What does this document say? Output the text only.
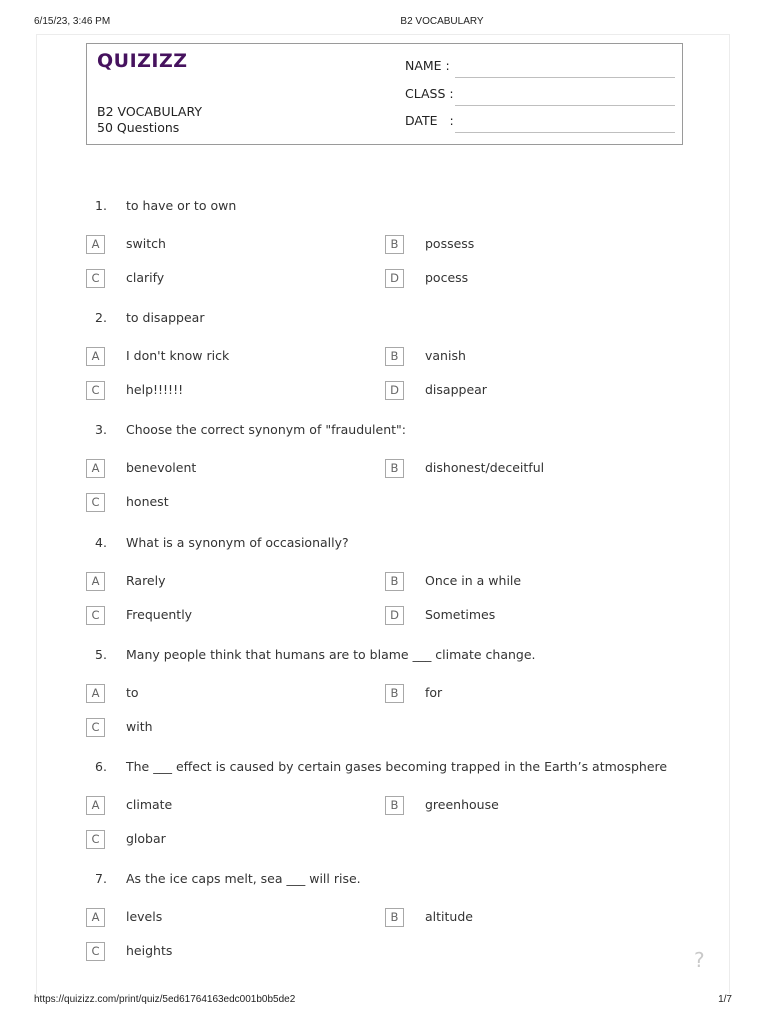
6/15/23, 3:46 PM	B2 VOCABULARY
https://quizizz.com/print/quiz/5ed61764163edc001b0b5de2	1/7
QUIZIZZ
B2 VOCABULARY
50 Questions
NAME :
CLASS :
DATE   :
1.	to have or to own
A	switch	B	possess
C	clarify	D	pocess
2.	to disappear
A	I don't know rick	B	vanish
C	help!!!!!!	D	disappear
3.	Choose the correct synonym of "fraudulent":
A	benevolent	B	dishonest/deceitful
C	honest
4.	What is a synonym of occasionally?
A	Rarely	B	Once in a while
C	Frequently	D	Sometimes
5.	Many people think that humans are to blame ___ climate change.
A	to	B	for
C	with
6.	The ___ effect is caused by certain gases becoming trapped in the Earth’s atmosphere
A	climate	B	greenhouse
C	globar
7.	As the ice caps melt, sea ___ will rise.
A	levels	B	altitude
C	heights	?
